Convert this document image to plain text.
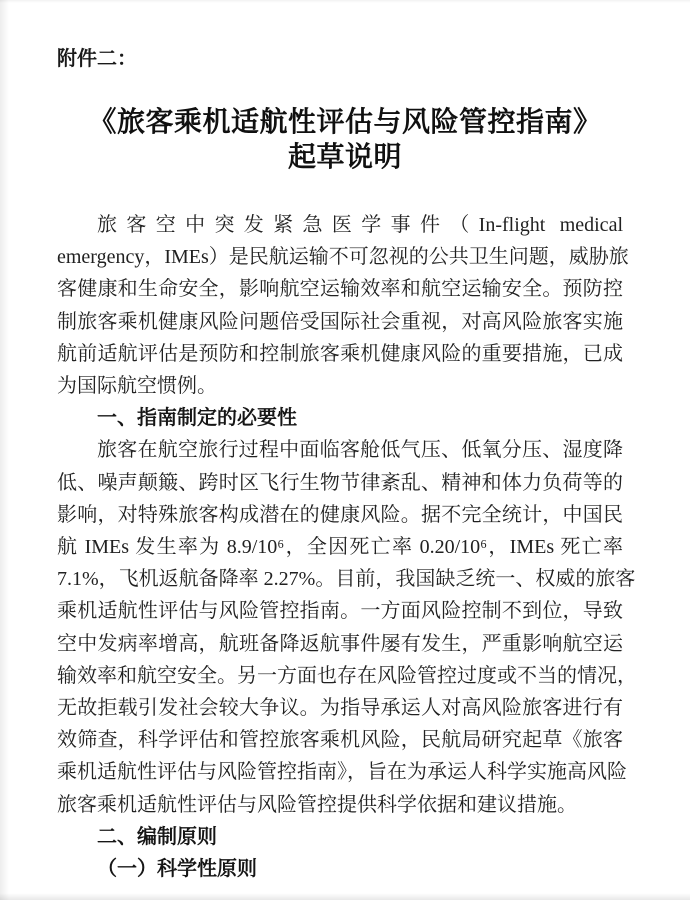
附件二：
《旅客乘机适航性评估与风险管控指南》
起草说明
旅客空中突发紧急医学事件（In-flight medical
emergency，IMEs）是民航运输不可忽视的公共卫生问题，威胁旅
客健康和生命安全，影响航空运输效率和航空运输安全。预防控
制旅客乘机健康风险问题倍受国际社会重视，对高风险旅客实施
航前适航评估是预防和控制旅客乘机健康风险的重要措施，已成
为国际航空惯例。
一、指南制定的必要性
旅客在航空旅行过程中面临客舱低气压、低氧分压、湿度降
低、噪声颠簸、跨时区飞行生物节律紊乱、精神和体力负荷等的
影响，对特殊旅客构成潜在的健康风险。据不完全统计，中国民
航 IMEs 发生率为 8.9/10⁶，全因死亡率 0.20/10⁶，IMEs 死亡率
7.1%，飞机返航备降率 2.27%。目前，我国缺乏统一、权威的旅客
乘机适航性评估与风险管控指南。一方面风险控制不到位，导致
空中发病率增高，航班备降返航事件屡有发生，严重影响航空运
输效率和航空安全。另一方面也存在风险管控过度或不当的情况，
无故拒载引发社会较大争议。为指导承运人对高风险旅客进行有
效筛查，科学评估和管控旅客乘机风险，民航局研究起草《旅客
乘机适航性评估与风险管控指南》，旨在为承运人科学实施高风险
旅客乘机适航性评估与风险管控提供科学依据和建议措施。
二、编制原则
（一）科学性原则
